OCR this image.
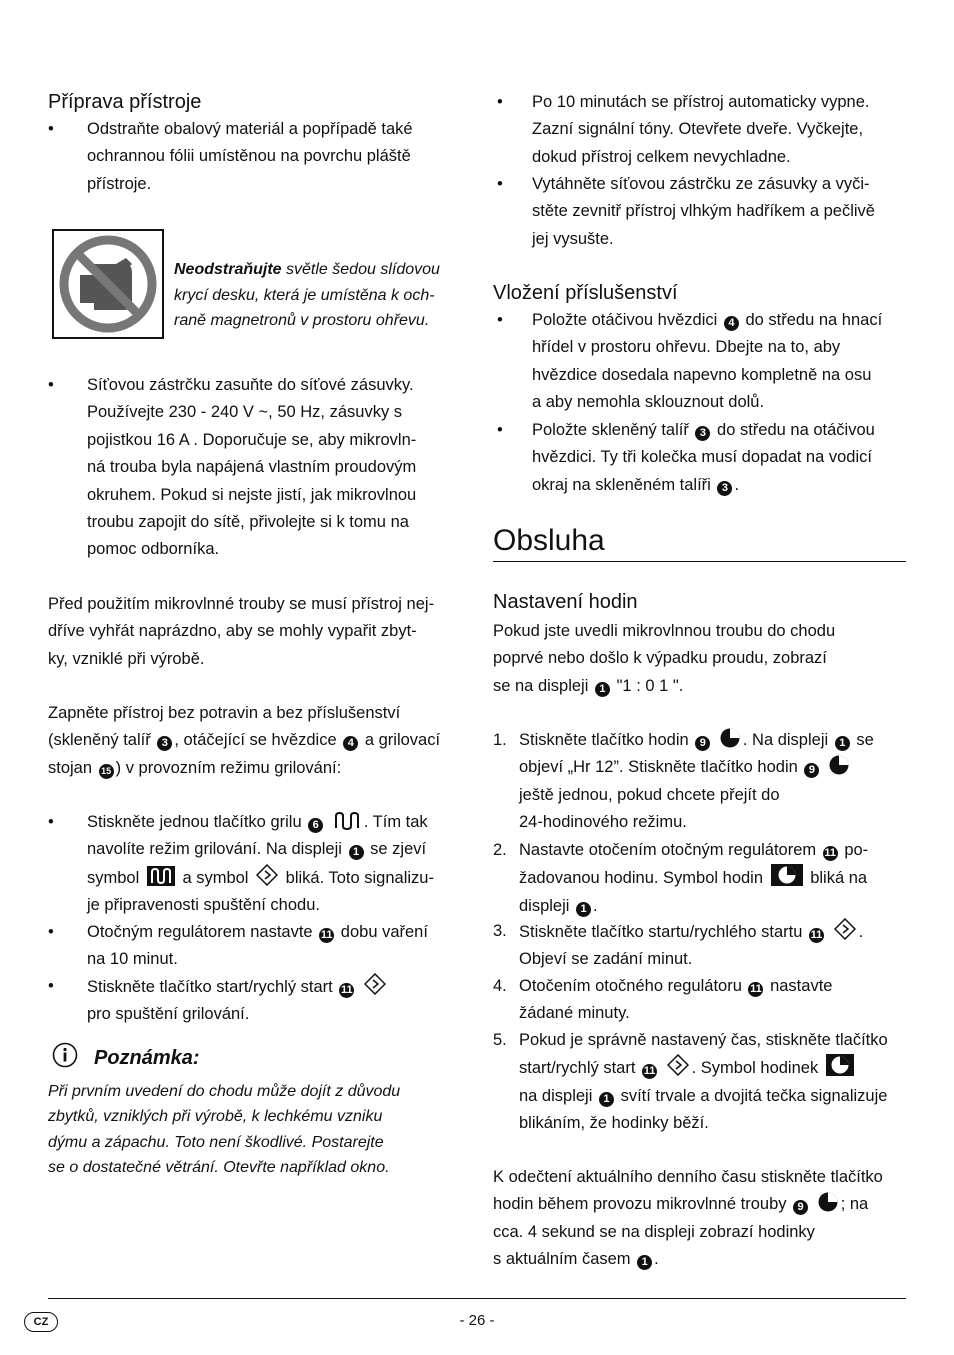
Příprava přístroje
• Odstraňte obalový materiál a popřípadě také
ochrannou fólii umístěnou na povrchu pláště
přístroje.
Neodstraňujte světle šedou slídovou
krycí desku, která je umístěna k och-
raně magnetronů v prostoru ohřevu.
• Síťovou zástrčku zasuňte do síťové zásuvky.
Používejte 230 - 240 V ~, 50 Hz, zásuvky s
pojistkou 16 A . Doporučuje se, aby mikrovln-
ná trouba byla napájená vlastním proudovým
okruhem. Pokud si nejste jistí, jak mikrovlnou
troubu zapojit do sítě, přivolejte si k tomu na
pomoc odborníka.
Před použitím mikrovlnné trouby se musí přístroj nej-
dříve vyhřát naprázdno, aby se mohly vypařit zbyt-
ky, vzniklé při výrobě.
Zapněte přístroj bez potravin a bez příslušenství
(skleněný talíř 3 , otáčející se hvězdice 4 a grilovací
stojan 15 ) v provozním režimu grilování:
• Stiskněte jednou tlačítko grilu 6	. Tím tak
navolíte režim grilování. Na displeji 1 se zjeví
symbol	a symbol bliká. Toto signalizu-
je připravenosti spuštění chodu.
• Otočným regulátorem nastavte 11 dobu vaření
na 10 minut.
• Stiskněte tlačítko start/rychlý start 11
pro spuštění grilování.
Poznámka:
Při prvním uvedení do chodu může dojít z důvodu
zbytků, vzniklých při výrobě, k lechkému vzniku
dýmu a zápachu. Toto není škodlivé. Postarejte
se o dostatečné větrání. Otevřte například okno.
• Po 10 minutách se přístroj automaticky vypne.
Zazní signální tóny. Otevřete dveře. Vyčkejte,
dokud přístroj celkem nevychladne.
• Vytáhněte síťovou zástrčku ze zásuvky a vyči-
stěte zevnitř přístroj vlhkým hadříkem a pečlivě
jej vysušte.
Vložení příslušenství
• Položte otáčivou hvězdici 4 do středu na hnací
hřídel v prostoru ohřevu. Dbejte na to, aby
hvězdice dosedala napevno kompletně na osu
a aby nemohla sklouznout dolů.
• Položte skleněný talíř 3 do středu na otáčivou
hvězdici. Ty tři kolečka musí dopadat na vodicí
okraj na skleněném talíři 3 .
Obsluha
Nastavení hodin
Pokud jste uvedli mikrovlnnou troubu do chodu
poprvé nebo došlo k výpadku proudu, zobrazí
se na displeji 1 "1 : 0 1 ".
1. Stiskněte tlačítko hodin 9 . Na displeji 1 se
objeví „Hr 12”. Stiskněte tlačítko hodin 9
ještě jednou, pokud chcete přejít do
24-hodinového režimu.
2. Nastavte otočením otočným regulátorem 11 po-
žadovanou hodinu. Symbol hodin	bliká na
displeji 1 .
3. Stiskněte tlačítko startu/rychlého startu 11 .
Objeví se zadání minut.
4. Otočením otočného regulátoru 11 nastavte
žádané minuty.
5. Pokud je správně nastavený čas, stiskněte tlačítko
start/rychlý start 11 . Symbol hodinek
na displeji 1 svítí trvale a dvojitá tečka signalizuje
blikáním, že hodinky běží.
K odečtení aktuálního denního času stiskněte tlačítko
hodin během provozu mikrovlnné trouby 9 ; na
cca. 4 sekund se na displeji zobrazí hodinky
s aktuálním časem 1 .
CZ	- 26 -
